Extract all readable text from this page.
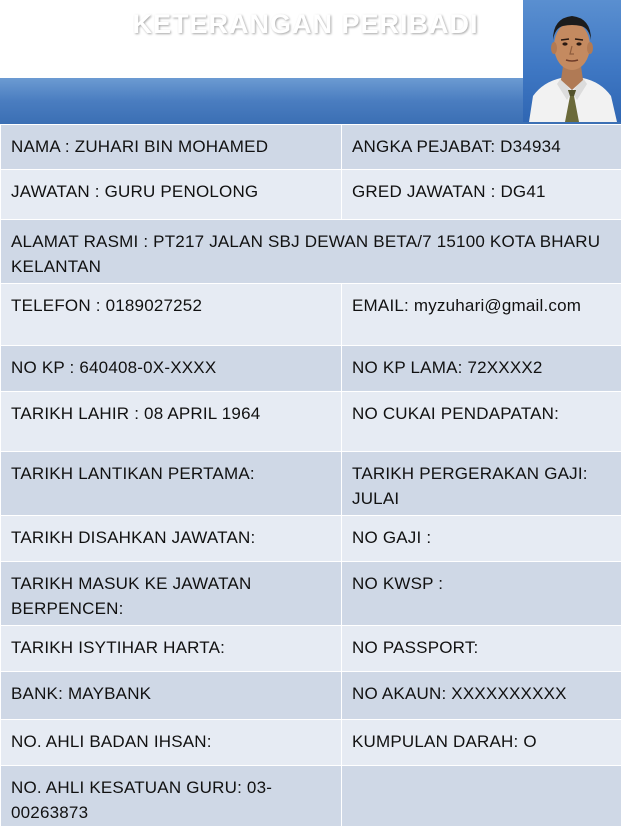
KETERANGAN PERIBADI
NAMA : ZUHARI BIN MOHAMED	ANGKA PEJABAT: D34934
JAWATAN : GURU PENOLONG	GRED JAWATAN : DG41
ALAMAT RASMI : PT217 JALAN SBJ DEWAN BETA/7 15100 KOTA BHARU KELANTAN	
TELEFON : 0189027252	EMAIL: myzuhari@gmail.com
NO KP : 640408-0X-XXXX	NO KP LAMA: 72XXXX2
TARIKH LAHIR : 08 APRIL 1964	NO CUKAI PENDAPATAN:
TARIKH LANTIKAN PERTAMA:	TARIKH PERGERAKAN GAJI: JULAI
TARIKH DISAHKAN JAWATAN:	NO GAJI :
TARIKH MASUK KE JAWATAN BERPENCEN:	NO KWSP :
TARIKH ISYTIHAR HARTA:	NO PASSPORT:
BANK: MAYBANK	NO AKAUN: XXXXXXXXXX
NO. AHLI BADAN IHSAN:	KUMPULAN DARAH: O
NO. AHLI KESATUAN GURU: 03-00263873	
